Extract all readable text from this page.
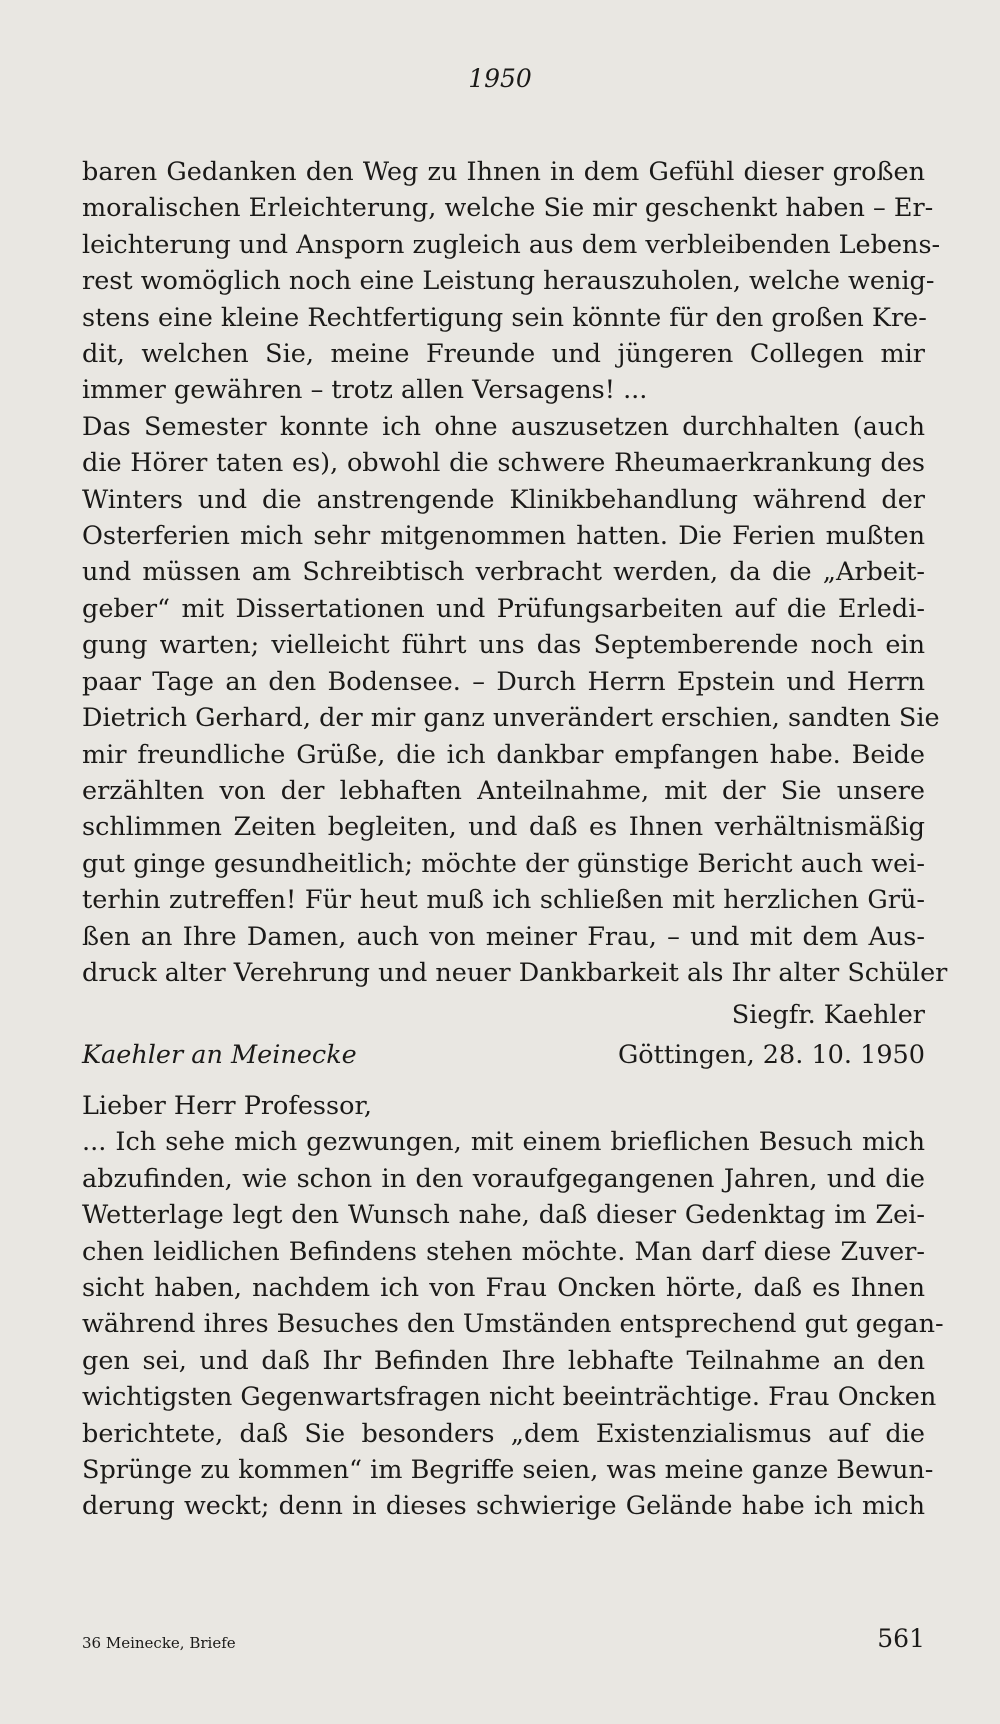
1950
baren Gedanken den Weg zu Ihnen in dem Gefühl dieser großen
moralischen Erleichterung, welche Sie mir geschenkt haben – Er-
leichterung und Ansporn zugleich aus dem verbleibenden Lebens-
rest womöglich noch eine Leistung herauszuholen, welche wenig-
stens eine kleine Rechtfertigung sein könnte für den großen Kre-
dit, welchen Sie, meine Freunde und jüngeren Collegen mir
immer gewähren – trotz allen Versagens! ...
Das Semester konnte ich ohne auszusetzen durchhalten (auch
die Hörer taten es), obwohl die schwere Rheumaerkrankung des
Winters und die anstrengende Klinikbehandlung während der
Osterferien mich sehr mitgenommen hatten. Die Ferien mußten
und müssen am Schreibtisch verbracht werden, da die „Arbeit-
geber“ mit Dissertationen und Prüfungsarbeiten auf die Erledi-
gung warten; vielleicht führt uns das Septemberende noch ein
paar Tage an den Bodensee. – Durch Herrn Epstein und Herrn
Dietrich Gerhard, der mir ganz unverändert erschien, sandten Sie
mir freundliche Grüße, die ich dankbar empfangen habe. Beide
erzählten von der lebhaften Anteilnahme, mit der Sie unsere
schlimmen Zeiten begleiten, und daß es Ihnen verhältnismäßig
gut ginge gesundheitlich; möchte der günstige Bericht auch wei-
terhin zutreffen! Für heut muß ich schließen mit herzlichen Grü-
ßen an Ihre Damen, auch von meiner Frau, – und mit dem Aus-
druck alter Verehrung und neuer Dankbarkeit als Ihr alter Schüler
Siegfr. Kaehler
Kaehler an Meinecke	Göttingen, 28. 10. 1950
Lieber Herr Professor,
... Ich sehe mich gezwungen, mit einem brieflichen Besuch mich
abzufinden, wie schon in den voraufgegangenen Jahren, und die
Wetterlage legt den Wunsch nahe, daß dieser Gedenktag im Zei-
chen leidlichen Befindens stehen möchte. Man darf diese Zuver-
sicht haben, nachdem ich von Frau Oncken hörte, daß es Ihnen
während ihres Besuches den Umständen entsprechend gut gegan-
gen sei, und daß Ihr Befinden Ihre lebhafte Teilnahme an den
wichtigsten Gegenwartsfragen nicht beeinträchtige. Frau Oncken
berichtete, daß Sie besonders „dem Existenzialismus auf die
Sprünge zu kommen“ im Begriffe seien, was meine ganze Bewun-
derung weckt; denn in dieses schwierige Gelände habe ich mich
36 Meinecke, Briefe	561
